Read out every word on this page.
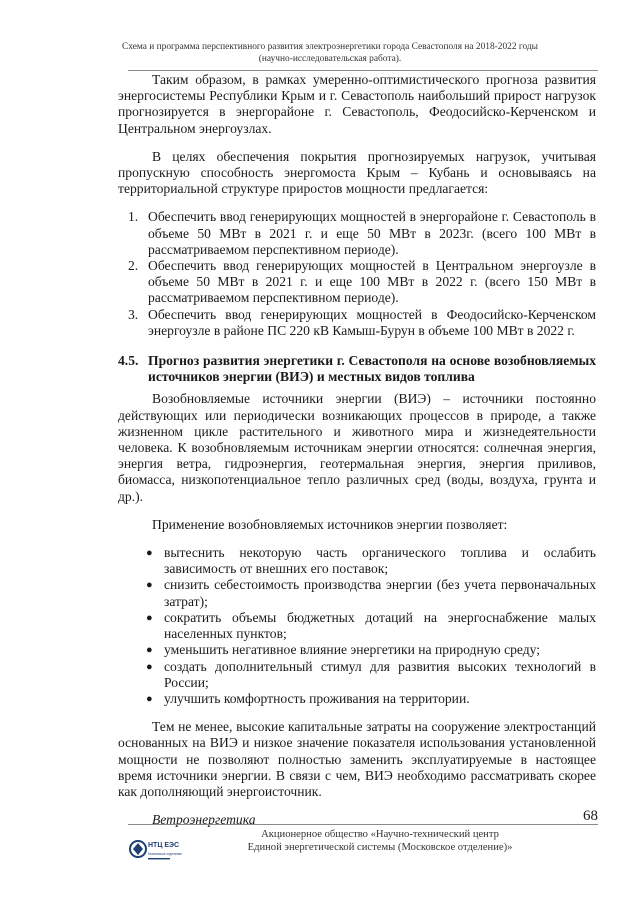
Схема и программа перспективного развития электроэнергетики города Севастополя на 2018-2022 годы
(научно-исследовательская работа).

Таким образом, в рамках умеренно-оптимистического прогноза развития энергосистемы Республики Крым и г. Севастополь наибольший прирост нагрузок прогнозируется в энергорайоне г. Севастополь, Феодосийско-Керченском и Центральном энергоузлах.

В целях обеспечения покрытия прогнозируемых нагрузок, учитывая пропускную способность энергомоста Крым – Кубань и основываясь на территориальной структуре приростов мощности предлагается:

1. Обеспечить ввод генерирующих мощностей в энергорайоне г. Севастополь в объеме 50 МВт в 2021 г. и еще 50 МВт в 2023г. (всего 100 МВт в рассматриваемом перспективном периоде).
2. Обеспечить ввод генерирующих мощностей в Центральном энергоузле в объеме 50 МВт в 2021 г. и еще 100 МВт в 2022 г. (всего 150 МВт в рассматриваемом перспективном периоде).
3. Обеспечить ввод генерирующих мощностей в Феодосийско-Керченском энергоузле в районе ПС 220 кВ Камыш-Бурун в объеме 100 МВт в 2022 г.
4.5. Прогноз развития энергетики г. Севастополя на основе возобновляемых источников энергии (ВИЭ) и местных видов топлива

Возобновляемые источники энергии (ВИЭ) – источники постоянно действующих или периодически возникающих процессов в природе, а также жизненном цикле растительного и животного мира и жизнедеятельности человека. К возобновляемым источникам энергии относятся: солнечная энергия, энергия ветра, гидроэнергия, геотермальная энергия, энергия приливов, биомасса, низкопотенциальное тепло различных сред (воды, воздуха, грунта и др.).

Применение возобновляемых источников энергии позволяет:

● вытеснить некоторую часть органического топлива и ослабить зависимость от внешних его поставок;
● снизить себестоимость производства энергии (без учета первоначальных затрат);
● сократить объемы бюджетных дотаций на энергоснабжение малых населенных пунктов;
● уменьшить негативное влияние энергетики на природную среду;
● создать дополнительный стимул для развития высоких технологий в России;
● улучшить комфортность проживания на территории.

Тем не менее, высокие капитальные затраты на сооружение электростанций основанных на ВИЭ и низкое значение показателя использования установленной мощности не позволяют полностью заменить эксплуатируемые в настоящее время источники энергии. В связи с чем, ВИЭ необходимо рассматривать скорее как дополняющий энергоисточник.

Ветроэнергетика	68
НТЦ ЕЭС
Московское отделение
Акционерное общество «Научно-технический центр
Единой энергетической системы (Московское отделение)»
